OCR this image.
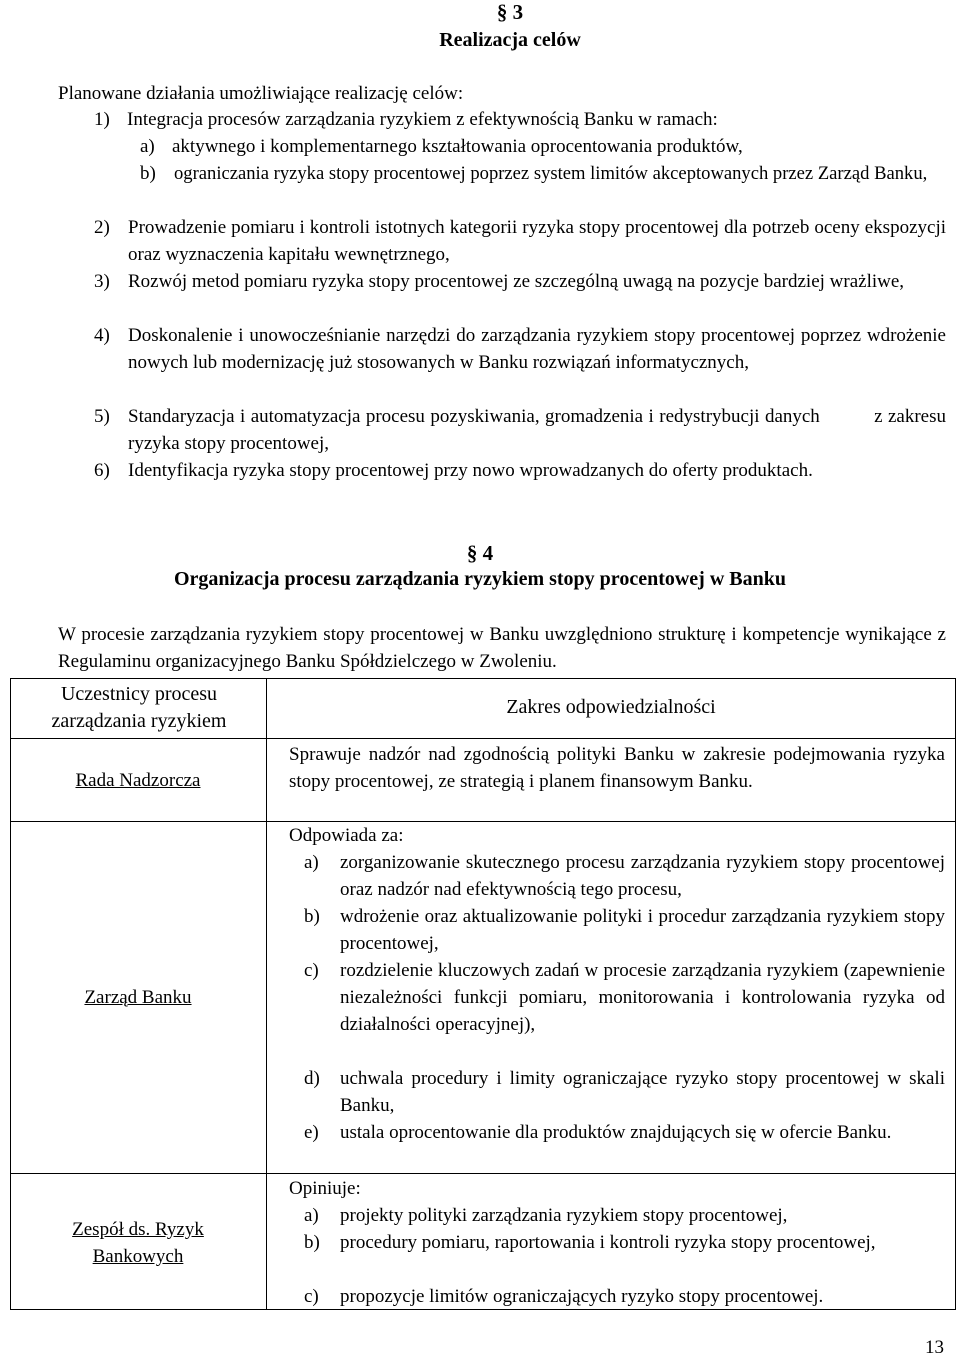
§ 3
Realizacja celów
Planowane działania umożliwiające realizację celów:
1) Integracja procesów zarządzania ryzykiem z efektywnością Banku w ramach:
a) aktywnego i komplementarnego kształtowania oprocentowania produktów,
b) ograniczania ryzyka stopy procentowej poprzez system limitów akceptowanych przez Zarząd Banku,
2) Prowadzenie pomiaru i kontroli istotnych kategorii ryzyka stopy procentowej dla potrzeb oceny ekspozycji oraz wyznaczenia kapitału wewnętrznego,
3) Rozwój metod pomiaru ryzyka stopy procentowej ze szczególną uwagą na pozycje bardziej wrażliwe,
4) Doskonalenie i unowocześnianie narzędzi do zarządzania ryzykiem stopy procentowej poprzez wdrożenie nowych lub modernizację już stosowanych w Banku rozwiązań informatycznych,
5) Standaryzacja i automatyzacja procesu pozyskiwania, gromadzenia i redystrybucji danych          z zakresu ryzyka stopy procentowej,
6) Identyfikacja ryzyka stopy procentowej przy nowo wprowadzanych do oferty produktach.
§ 4
Organizacja procesu zarządzania ryzykiem stopy procentowej w Banku
W procesie zarządzania ryzykiem stopy procentowej w Banku uwzględniono strukturę i kompetencje wynikające z Regulaminu organizacyjnego Banku Spółdzielczego w Zwoleniu.
Uczestnicy procesu zarządzania ryzykiem
Zakres odpowiedzialności
Rada Nadzorcza
Sprawuje nadzór nad zgodnością polityki Banku w zakresie podejmowania ryzyka stopy procentowej, ze strategią i planem finansowym Banku.
Zarząd Banku
Odpowiada za:
a) zorganizowanie skutecznego procesu zarządzania ryzykiem stopy procentowej oraz nadzór nad efektywnością tego procesu,
b) wdrożenie oraz aktualizowanie polityki i procedur zarządzania ryzykiem stopy procentowej,
c) rozdzielenie kluczowych zadań w procesie zarządzania ryzykiem (zapewnienie niezależności funkcji pomiaru, monitorowania i kontrolowania ryzyka od działalności operacyjnej),
d) uchwala procedury i limity ograniczające ryzyko stopy procentowej w skali Banku,
e) ustala oprocentowanie dla produktów znajdujących się w ofercie Banku.
Zespół ds. Ryzyk Bankowych
Opiniuje:
a) projekty polityki zarządzania ryzykiem stopy procentowej,
b) procedury pomiaru, raportowania i kontroli ryzyka stopy procentowej,
c) propozycje limitów ograniczających ryzyko stopy procentowej.
13
